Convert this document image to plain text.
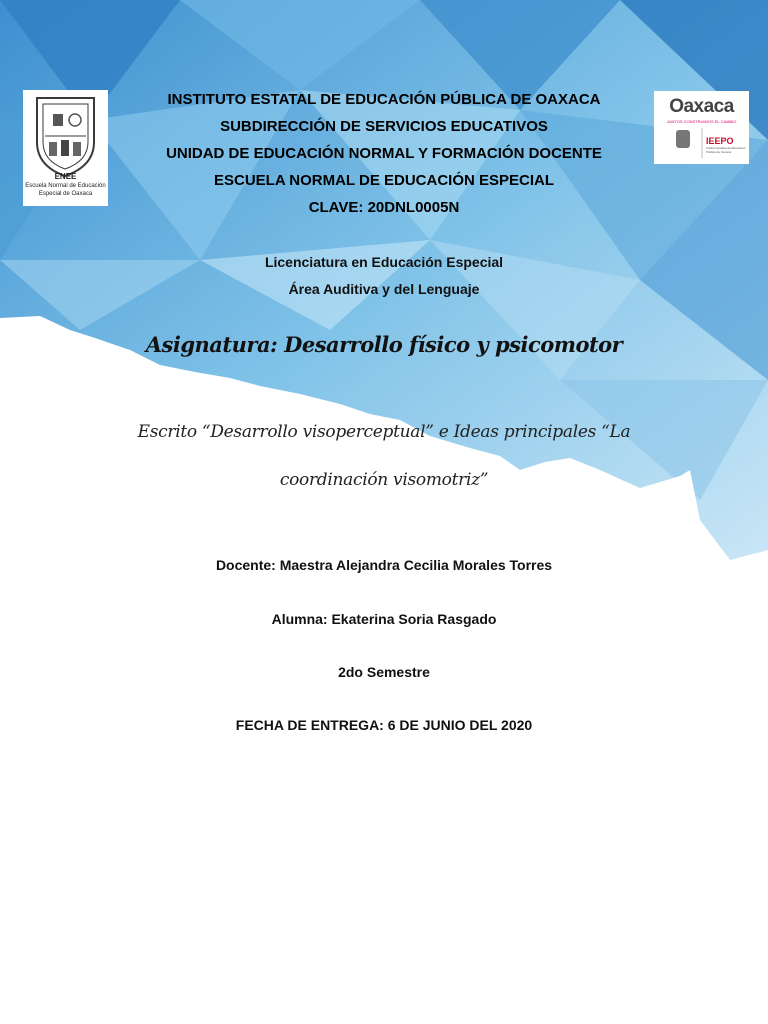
ENEE
Escuela Normal de Educación
Especial de Oaxaca
Oaxaca
JUNTOS CONSTRUIMOS EL CAMBIO
IEEPO
Instituto Estatal de Educación Pública de Oaxaca
INSTITUTO ESTATAL DE EDUCACIÓN PÚBLICA DE OAXACA
SUBDIRECCIÓN DE SERVICIOS EDUCATIVOS
UNIDAD DE EDUCACIÓN NORMAL Y FORMACIÓN DOCENTE
ESCUELA NORMAL DE EDUCACIÓN ESPECIAL
CLAVE: 20DNL0005N
Licenciatura en Educación Especial
Área Auditiva y del Lenguaje
Asignatura: Desarrollo físico y psicomotor
Escrito “Desarrollo visoperceptual” e Ideas principales “La
coordinación visomotriz”
Docente: Maestra Alejandra Cecilia Morales Torres
Alumna: Ekaterina Soria Rasgado
2do Semestre
FECHA DE ENTREGA: 6 DE JUNIO DEL 2020
